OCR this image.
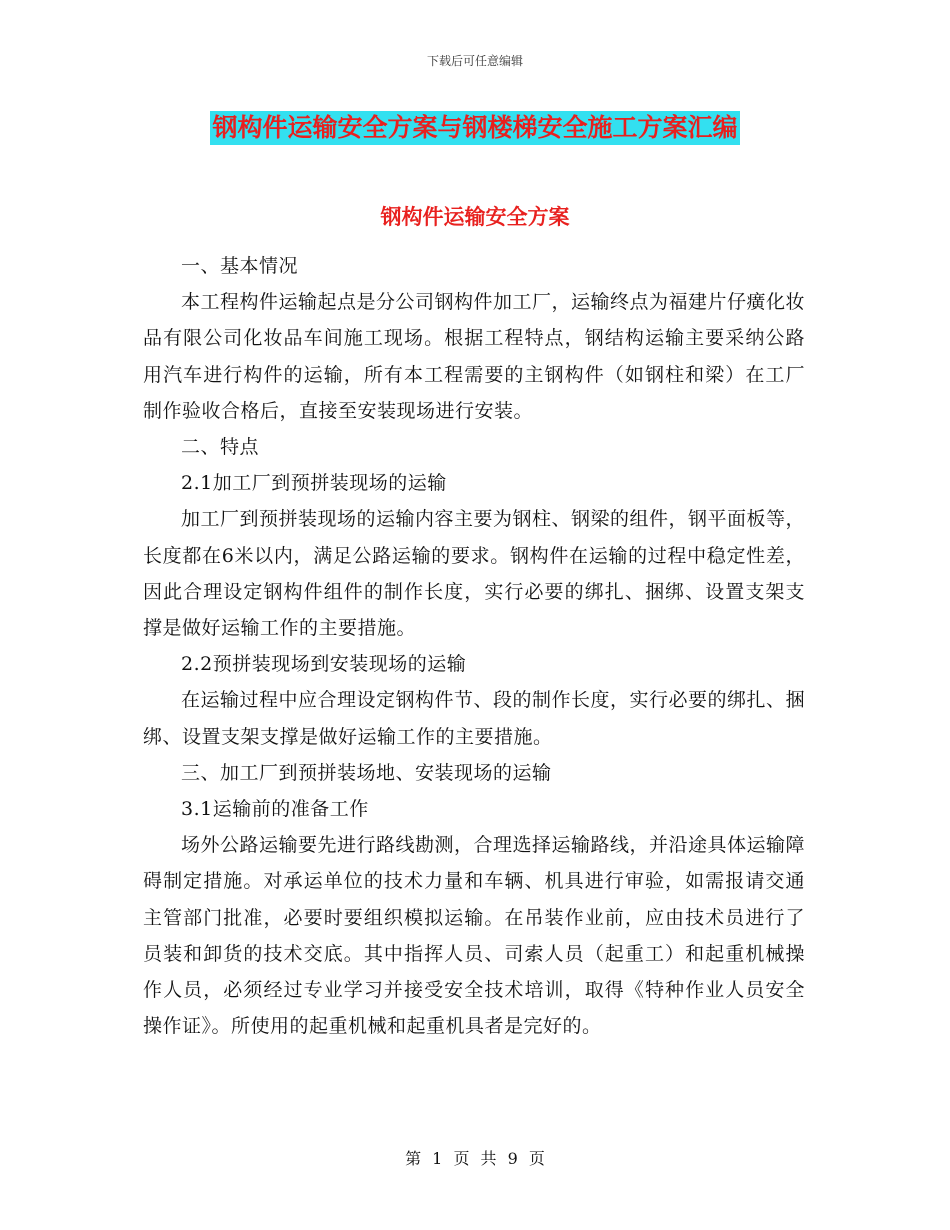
下载后可任意编辑
钢构件运输安全方案与钢楼梯安全施工方案汇编
钢构件运输安全方案

一、基本情况

本工程构件运输起点是分公司钢构件加工厂，运输终点为福建片仔癀化妆品有限公司化妆品车间施工现场。根据工程特点，钢结构运输主要采纳公路用汽车进行构件的运输，所有本工程需要的主钢构件（如钢柱和梁）在工厂制作验收合格后，直接至安装现场进行安装。

二、特点

2.1加工厂到预拼装现场的运输

加工厂到预拼装现场的运输内容主要为钢柱、钢梁的组件，钢平面板等，长度都在6米以内，满足公路运输的要求。钢构件在运输的过程中稳定性差，因此合理设定钢构件组件的制作长度，实行必要的绑扎、捆绑、设置支架支撑是做好运输工作的主要措施。

2.2预拼装现场到安装现场的运输

在运输过程中应合理设定钢构件节、段的制作长度，实行必要的绑扎、捆绑、设置支架支撑是做好运输工作的主要措施。

三、加工厂到预拼装场地、安装现场的运输

3.1运输前的准备工作

场外公路运输要先进行路线勘测，合理选择运输路线，并沿途具体运输障碍制定措施。对承运单位的技术力量和车辆、机具进行审验，如需报请交通主管部门批准，必要时要组织模拟运输。在吊装作业前，应由技术员进行了员装和卸货的技术交底。其中指挥人员、司索人员（起重工）和起重机械操作人员，必须经过专业学习并接受安全技术培训，取得《特种作业人员安全操作证》。所使用的起重机械和起重机具者是完好的。

第 1 页 共 9 页
